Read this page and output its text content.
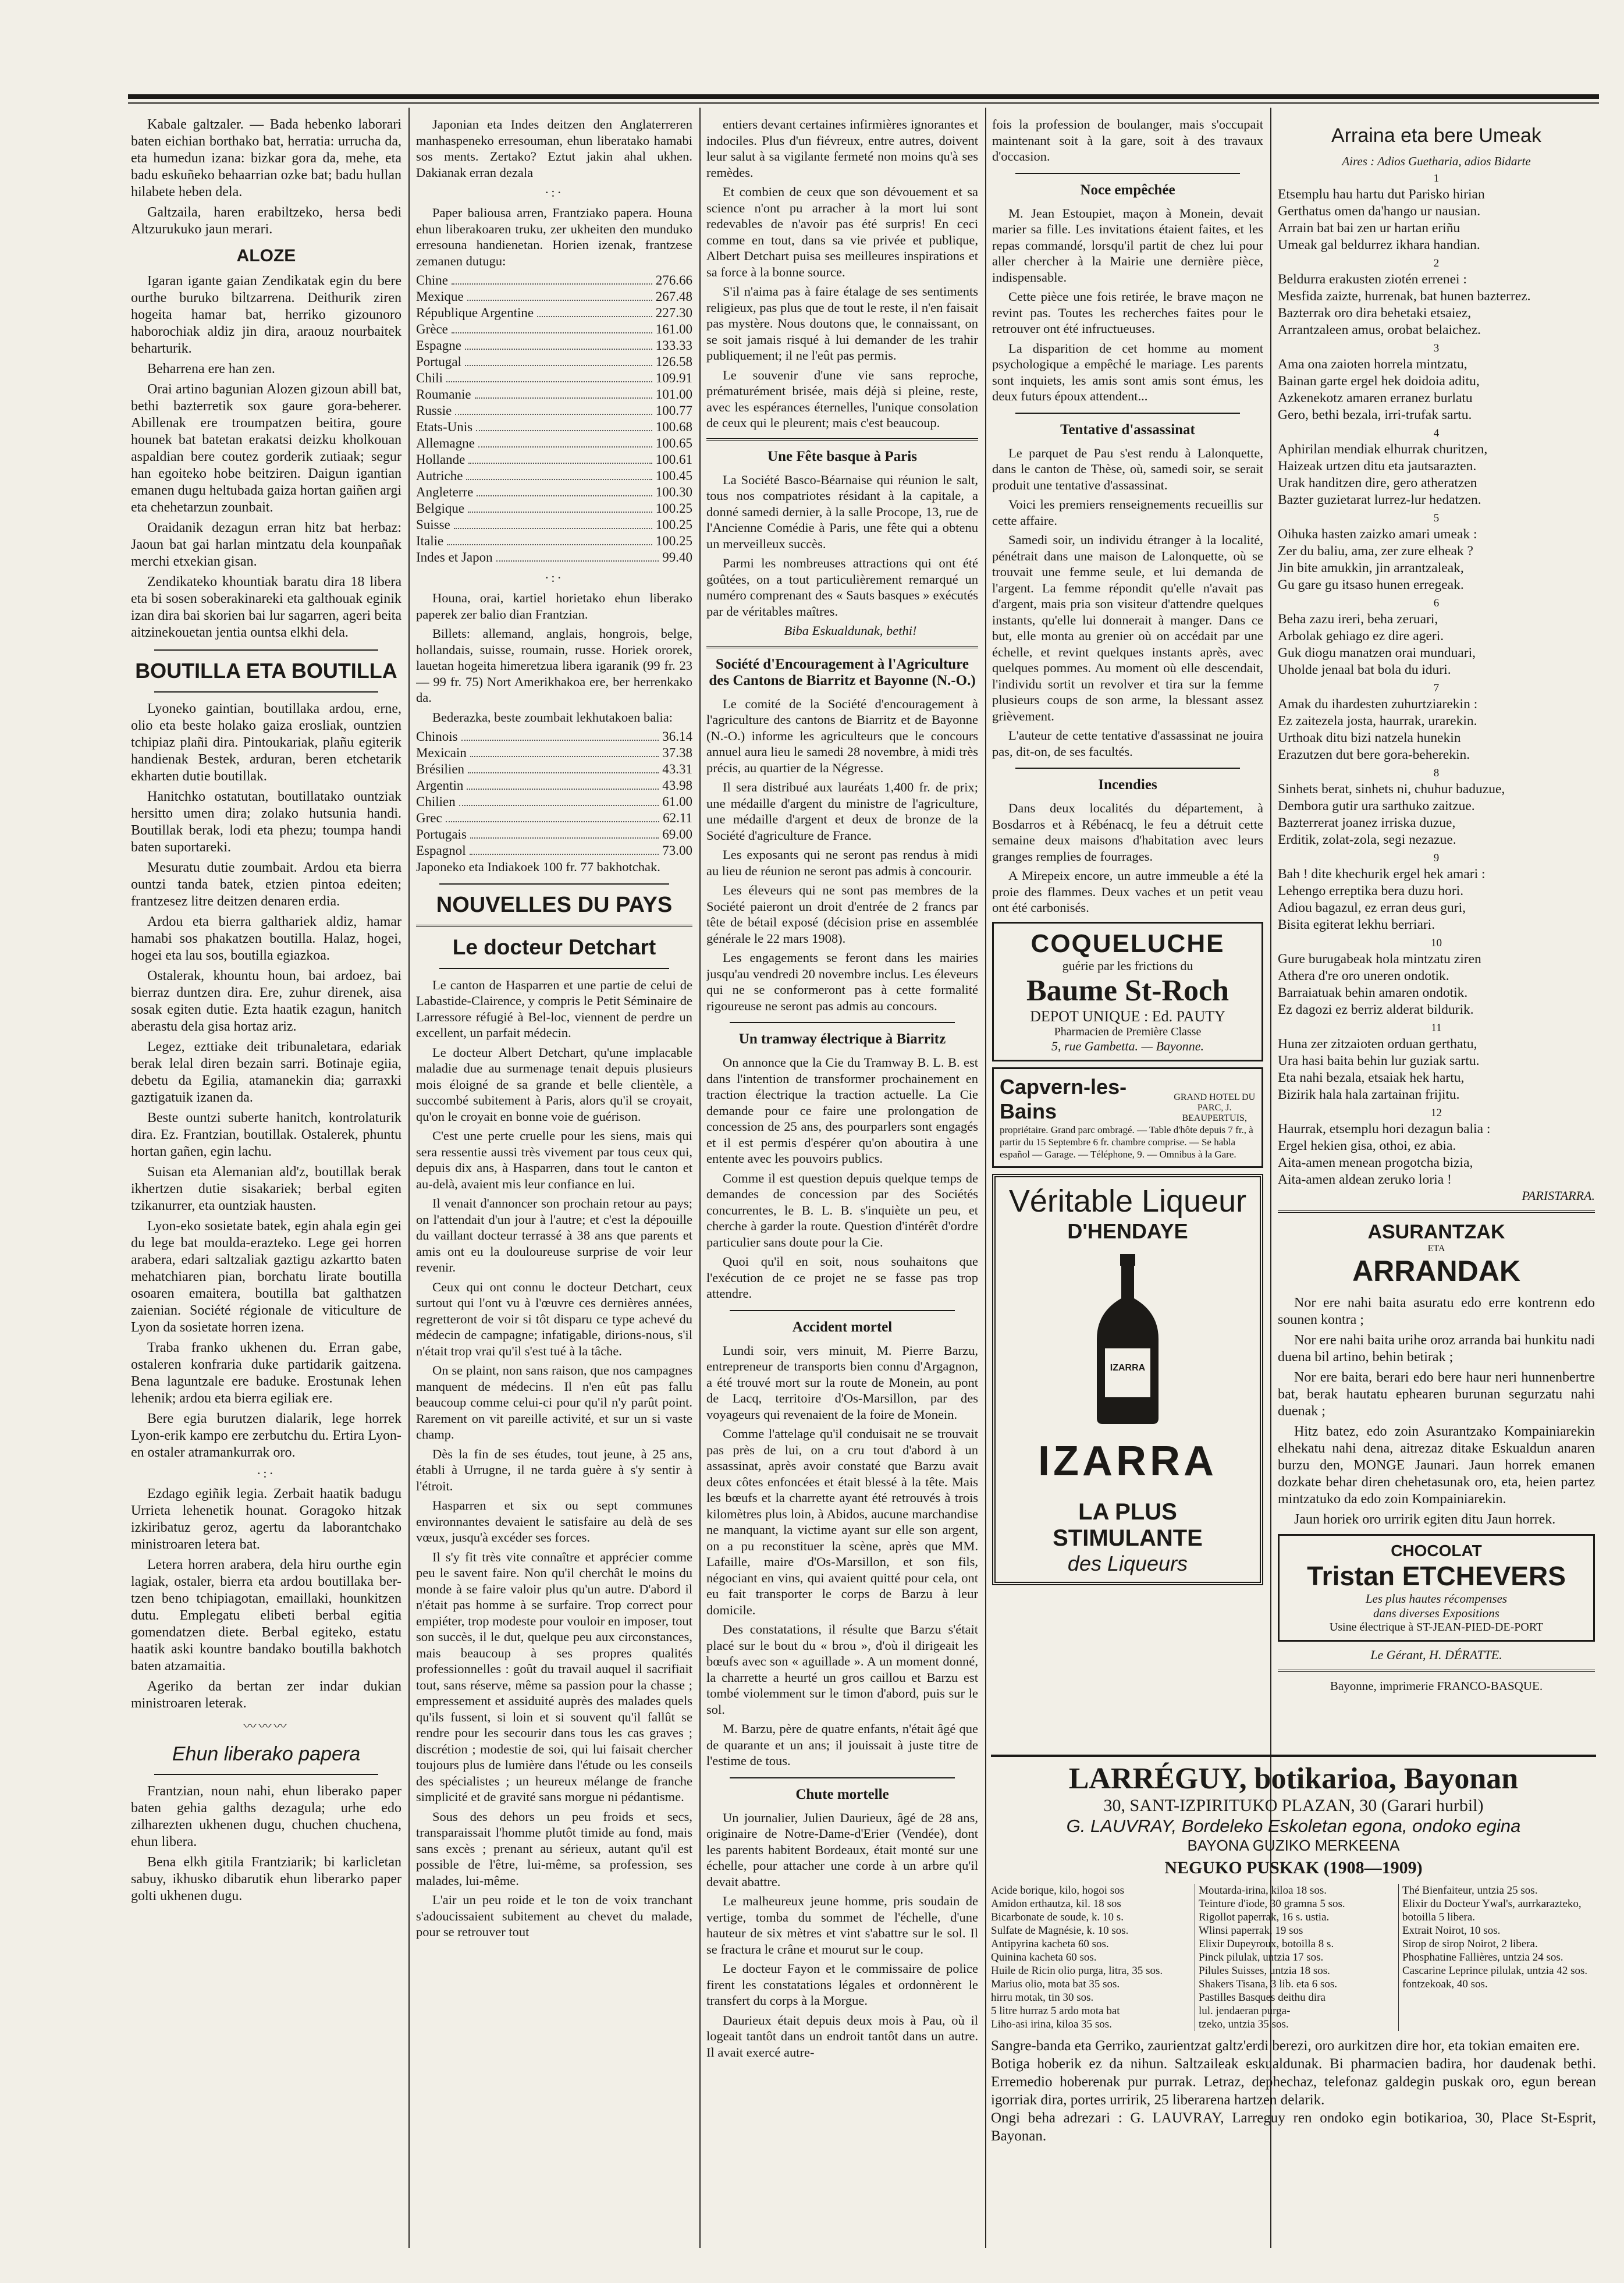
Kabale galtzaler. — Bada hebenko laborari baten eichian borthako bat, herratia: urrucha da, eta humedun izana: bizkar gora da, mehe, eta badu eskuñeko behaarrian ozke bat; badu hullan hilabete heben dela.

Galtzaila, haren erabiltzeko, hersa bedi Altzurukuko jaun merari.

ALOZE

Igaran igante gaian Zendikatak egin du bere ourthe buruko biltzarrena. Deithurik ziren hogeita hamar bat, herriko gizounoro haborochiak aldiz jin dira, araouz nourbaitek beharturik.

Beharrena ere han zen.

Orai artino bagunian Alozen gizoun abill bat, bethi bazterretik sox gaure gora-beherer. Abillenak ere troumpatzen beitira, goure hounek bat batetan erakatsi deizku kholkouan aspaldian bere coutez gorderik zutiaak; segur han egoiteko hobe beitziren. Daigun igantian emanen dugu heltubada gaiza hortan gaiñen argi eta chehetarzun zounbait.

Oraidanik dezagun erran hitz bat herbaz: Jaoun bat gai harlan mintzatu dela kounpañak merchi etxekian gisan.

Zendikateko khountiak baratu dira 18 libera eta bi sosen soberakinareki eta galthouak eginik izan dira bai skorien bai lur sagarren, ageri beita aitzinekouetan jentia ountsa elkhi dela.

BOUTILLA ETA BOUTILLA

Lyoneko gaintian, boutillaka ardou, erne, olio eta beste holako gaiza erosliak, ountzien tchipiaz plañi dira. Pintoukariak, plañu egiterik handienak Bestek, arduran, beren etchetarik ekharten dutie boutillak.

Hanitchko ostatutan, boutillatako ountziak hersitto umen dira; zolako hutsunia handi. Boutillak berak, lodi eta phezu; toumpa handi baten suportareki.

Mesuratu dutie zoumbait. Ardou eta bierra ountzi tanda batek, etzien pintoa edeiten; frantzesez litre deitzen denaren erdia.

Ardou eta bierra galthariek aldiz, hamar hamabi sos phakatzen boutilla. Halaz, hogei, hogei eta lau sos, boutilla egiazkoa.

Ostalerak, khountu houn, bai ardoez, bai bierraz duntzen dira. Ere, zuhur direnek, aisa sosak egiten dutie. Ezta haatik ezagun, hanitch aberastu dela gisa hortaz ariz.

Legez, ezttiake deit tribunaletara, edariak berak lelal diren bezain sarri. Botinaje egiia, debetu da Egilia, atamanekin dia; garraxki gaztigatuik izanen da.

Beste ountzi suberte hanitch, kontrolaturik dira. Ez. Frantzian, boutillak. Ostalerek, phuntu hortan gañen, egin lachu.

Suisan eta Alemanian ald'z, boutillak berak ikhertzen dutie sisakariek; berbal egiten tzikanurrer, eta ountziak hausten.

Lyon-eko sosietate batek, egin ahala egin gei du lege bat moulda-erazteko. Lege gei horren arabera, edari saltzaliak gaztigu azkartto baten mehatchiaren pian, borchatu lirate boutilla osoaren emaitera, boutilla bat galthatzen zaienian. Société régionale de viticulture de Lyon da sosietate horren izena.

Traba franko ukhenen du. Erran gabe, ostaleren konfraria duke partidarik gaitzena. Bena laguntzale ere baduke. Erostunak lehen lehenik; ardou eta bierra egiliak ere.

Bere egia burutzen dialarik, lege horrek Lyon-erik kampo ere zerbutchu du. Ertira Lyon-en ostaler atramankurrak oro.

·:·

Ezdago egiñik legia. Zerbait haatik badugu Urrieta lehenetik hounat. Goragoko hitzak izkiribatuz geroz, agertu da laborantchako ministroaren letera bat.

Letera horren arabera, dela hiru ourthe egin lagiak, ostaler, bierra eta ardou boutillaka ber-tzen beno tchipiagotan, emaillaki, hounkitzen dutu. Emplegatu elibeti berbal egitia gomendatzen diete. Berbal egiteko, estatu haatik aski kountre bandako boutilla bakhotch baten atzamaitia.

Ageriko da bertan zer indar dukian ministroaren leterak.

〰〰〰
Ehun liberako papera

Frantzian, noun nahi, ehun liberako paper baten gehia galths dezagula; urhe edo zilharezten ukhenen dugu, chuchen chuchena, ehun libera.

Bena elkh gitila Frantziarik; bi karlicletan sabuy, ikhusko dibarutik ehun liberarko paper golti ukhenen dugu.

Japonian eta Indes deitzen den Anglaterreren manhaspeneko erresouman, ehun liberatako hamabi sos ments. Zertako? Eztut jakin ahal ukhen. Dakianak erran dezala

·:·

Paper baliousa arren, Frantziako papera. Houna ehun liberakoaren truku, zer ukheiten den munduko erresouna handienetan. Horien izenak, frantzese zemanen dutugu:

Chine	276.66
Mexique	267.48
République Argentine	227.30
Grèce	161.00
Espagne	133.33
Portugal	126.58
Chili	109.91
Roumanie	101.00
Russie	100.77
Etats-Unis	100.68
Allemagne	100.65
Hollande	100.61
Autriche	100.45
Angleterre	100.30
Belgique	100.25
Suisse	100.25
Italie	100.25
Indes et Japon	99.40
·:·

Houna, orai, kartiel horietako ehun liberako paperek zer balio dian Frantzian.

Billets: allemand, anglais, hongrois, belge, hollandais, suisse, roumain, russe. Horiek ororek, lauetan hogeita himeretzua libera igaranik (99 fr. 23 — 99 fr. 75) Nort Amerikhakoa ere, ber herrenkako da.

Bederazka, beste zoumbait lekhutakoen balia:

Chinois	36.14
Mexicain	37.38
Brésilien	43.31
Argentin	43.98
Chilien	61.00
Grec	62.11
Portugais	69.00
Espagnol	73.00

Japoneko eta Indiakoek 100 fr. 77 bakhotchak.

NOUVELLES DU PAYS
Le docteur Detchart

Le canton de Hasparren et une partie de celui de Labastide-Clairence, y compris le Petit Séminaire de Larressore réfugié à Bel-loc, viennent de perdre un excellent, un parfait médecin.

Le docteur Albert Detchart, qu'une implacable maladie due au surmenage tenait depuis plusieurs mois éloigné de sa grande et belle clientèle, a succombé subitement à Paris, alors qu'il se croyait, qu'on le croyait en bonne voie de guérison.

C'est une perte cruelle pour les siens, mais qui sera ressentie aussi très vivement par tous ceux qui, depuis dix ans, à Hasparren, dans tout le canton et au-delà, avaient mis leur confiance en lui.

Il venait d'annoncer son prochain retour au pays; on l'attendait d'un jour à l'autre; et c'est la dépouille du vaillant docteur terrassé à 38 ans que parents et amis ont eu la douloureuse surprise de voir leur revenir.

Ceux qui ont connu le docteur Detchart, ceux surtout qui l'ont vu à l'œuvre ces dernières années, regretteront de voir si tôt disparu ce type achevé du médecin de campagne; infatigable, dirions-nous, s'il n'était trop vrai qu'il s'est tué à la tâche.

On se plaint, non sans raison, que nos campagnes manquent de médecins. Il n'en eût pas fallu beaucoup comme celui-ci pour qu'il n'y parût point. Rarement on vit pareille activité, et sur un si vaste champ.

Dès la fin de ses études, tout jeune, à 25 ans, établi à Urrugne, il ne tarda guère à s'y sentir à l'étroit.

Hasparren et six ou sept communes environnantes devaient le satisfaire au delà de ses vœux, jusqu'à excéder ses forces.

Il s'y fit très vite connaître et apprécier comme peu le savent faire. Non qu'il cherchât le moins du monde à se faire valoir plus qu'un autre. D'abord il n'était pas homme à se surfaire. Trop correct pour empiéter, trop modeste pour vouloir en imposer, tout son succès, il le dut, quelque peu aux circonstances, mais beaucoup à ses propres qualités professionnelles : goût du travail auquel il sacrifiait tout, sans réserve, même sa passion pour la chasse ; empressement et assiduité auprès des malades quels qu'ils fussent, si loin et si souvent qu'il fallût se rendre pour les secourir dans tous les cas graves ; discrétion ; modestie de soi, qui lui faisait chercher toujours plus de lumière dans l'étude ou les conseils des spécialistes ; un heureux mélange de franche simplicité et de gravité sans morgue ni pédantisme.

Sous des dehors un peu froids et secs, transparaissait l'homme plutôt timide au fond, mais sans excès ; prenant au sérieux, autant qu'il est possible de l'être, lui-même, sa profession, ses malades, lui-même.

L'air un peu roide et le ton de voix tranchant s'adoucissaient subitement au chevet du malade, pour se retrouver tout

entiers devant certaines infirmières ignorantes et indociles. Plus d'un fiévreux, entre autres, doivent leur salut à sa vigilante fermeté non moins qu'à ses remèdes.

Et combien de ceux que son dévouement et sa science n'ont pu arracher à la mort lui sont redevables de n'avoir pas été surpris! En ceci comme en tout, dans sa vie privée et publique, Albert Detchart puisa ses meilleures inspirations et sa force à la bonne source.

S'il n'aima pas à faire étalage de ses sentiments religieux, pas plus que de tout le reste, il n'en faisait pas mystère. Nous doutons que, le connaissant, on se soit jamais risqué à lui demander de les trahir publiquement; il ne l'eût pas permis.

Le souvenir d'une vie sans reproche, prématurément brisée, mais déjà si pleine, reste, avec les espérances éternelles, l'unique consolation de ceux qui le pleurent; mais c'est beaucoup.

Une Fête basque à Paris

La Société Basco-Béarnaise qui réunion le salt, tous nos compatriotes résidant à la capitale, a donné samedi dernier, à la salle Procope, 13, rue de l'Ancienne Comédie à Paris, une fête qui a obtenu un merveilleux succès.

Parmi les nombreuses attractions qui ont été goûtées, on a tout particulièrement remarqué un numéro comprenant des « Sauts basques » exécutés par de véritables maîtres.

Biba Eskualdunak, bethi!

Société d'Encouragement à l'Agriculture des Cantons de Biarritz et Bayonne (N.-O.)

Le comité de la Société d'encouragement à l'agriculture des cantons de Biarritz et de Bayonne (N.-O.) informe les agriculteurs que le concours annuel aura lieu le samedi 28 novembre, à midi très précis, au quartier de la Négresse.

Il sera distribué aux lauréats 1,400 fr. de prix; une médaille d'argent du ministre de l'agriculture, une médaille d'argent et deux de bronze de la Société d'agriculture de France.

Les exposants qui ne seront pas rendus à midi au lieu de réunion ne seront pas admis à concourir.

Les éleveurs qui ne sont pas membres de la Société paieront un droit d'entrée de 2 francs par tête de bétail exposé (décision prise en assemblée générale le 22 mars 1908).

Les engagements se feront dans les mairies jusqu'au vendredi 20 novembre inclus. Les éleveurs qui ne se conformeront pas à cette formalité rigoureuse ne seront pas admis au concours.

Un tramway électrique à Biarritz

On annonce que la Cie du Tramway B. L. B. est dans l'intention de transformer prochainement en traction électrique la traction actuelle. La Cie demande pour ce faire une prolongation de concession de 25 ans, des pourparlers sont engagés et il est permis d'espérer qu'on aboutira à une entente avec les pouvoirs publics.

Comme il est question depuis quelque temps de demandes de concession par des Sociétés concurrentes, le B. L. B. s'inquiète un peu, et cherche à garder la route. Question d'intérêt d'ordre particulier sans doute pour la Cie.

Quoi qu'il en soit, nous souhaitons que l'exécution de ce projet ne se fasse pas trop attendre.

Accident mortel

Lundi soir, vers minuit, M. Pierre Barzu, entrepreneur de transports bien connu d'Argagnon, a été trouvé mort sur la route de Monein, au pont de Lacq, territoire d'Os-Marsillon, par des voyageurs qui revenaient de la foire de Monein.

Comme l'attelage qu'il conduisait ne se trouvait pas près de lui, on a cru tout d'abord à un assassinat, après avoir constaté que Barzu avait deux côtes enfoncées et était blessé à la tête. Mais les bœufs et la charrette ayant été retrouvés à trois kilomètres plus loin, à Abidos, aucune marchandise ne manquant, la victime ayant sur elle son argent, on a pu reconstituer la scène, après que MM. Lafaille, maire d'Os-Marsillon, et son fils, négociant en vins, qui avaient quitté pour cela, ont eu fait transporter le corps de Barzu à leur domicile.

Des constatations, il résulte que Barzu s'était placé sur le bout du « brou », d'où il dirigeait les bœufs avec son « aguillade ». A un moment donné, la charrette a heurté un gros caillou et Barzu est tombé violemment sur le timon d'abord, puis sur le sol.

M. Barzu, père de quatre enfants, n'était âgé que de quarante et un ans; il jouissait à juste titre de l'estime de tous.

Chute mortelle

Un journalier, Julien Daurieux, âgé de 28 ans, originaire de Notre-Dame-d'Erier (Vendée), dont les parents habitent Bordeaux, était monté sur une échelle, pour attacher une corde à un arbre qu'il devait abattre.

Le malheureux jeune homme, pris soudain de vertige, tomba du sommet de l'échelle, d'une hauteur de six mètres et vint s'abattre sur le sol. Il se fractura le crâne et mourut sur le coup.

Le docteur Fayon et le commissaire de police firent les constatations légales et ordonnèrent le transfert du corps à la Morgue.

Daurieux était depuis deux mois à Pau, où il logeait tantôt dans un endroit tantôt dans un autre. Il avait exercé autre-

fois la profession de boulanger, mais s'occupait maintenant soit à la gare, soit à des travaux d'occasion.

Noce empêchée

M. Jean Estoupiet, maçon à Monein, devait marier sa fille. Les invitations étaient faites, et les repas commandé, lorsqu'il partit de chez lui pour aller chercher à la Mairie une dernière pièce, indispensable.

Cette pièce une fois retirée, le brave maçon ne revint pas. Toutes les recherches faites pour le retrouver ont été infructueuses.

La disparition de cet homme au moment psychologique a empêché le mariage. Les parents sont inquiets, les amis sont amis sont émus, les deux futurs époux attendent...

Tentative d'assassinat

Le parquet de Pau s'est rendu à Lalonquette, dans le canton de Thèse, où, samedi soir, se serait produit une tentative d'assassinat.

Voici les premiers renseignements recueillis sur cette affaire.

Samedi soir, un individu étranger à la localité, pénétrait dans une maison de Lalonquette, où se trouvait une femme seule, et lui demanda de l'argent. La femme répondit qu'elle n'avait pas d'argent, mais pria son visiteur d'attendre quelques instants, qu'elle lui donnerait à manger. Dans ce but, elle monta au grenier où on accédait par une échelle, et revint quelques instants après, avec quelques pommes. Au moment où elle descendait, l'individu sortit un revolver et tira sur la femme plusieurs coups de son arme, la blessant assez grièvement.

L'auteur de cette tentative d'assassinat ne jouira pas, dit-on, de ses facultés.

Incendies

Dans deux localités du département, à Bosdarros et à Rébénacq, le feu a détruit cette semaine deux maisons d'habitation avec leurs granges remplies de fourrages.

A Mirepeix encore, un autre immeuble a été la proie des flammes. Deux vaches et un petit veau ont été carbonisés.

COQUELUCHE
guérie par les frictions du
Baume St-Roch
DEPOT UNIQUE : Ed. PAUTY
Pharmacien de Première Classe
5, rue Gambetta. — Bayonne.
Capvern-les-Bains
GRAND HOTEL DU PARC, J. BEAUPERTUIS,
propriétaire. Grand parc ombragé. — Table d'hôte depuis 7 fr., à partir du 15 Septembre 6 fr. chambre comprise. — Se habla español — Garage. — Téléphone, 9. — Omnibus à la Gare.
Véritable Liqueur
D'HENDAYE
IZARRA
IZARRA
LA PLUS STIMULANTE
des Liqueurs
Arraina eta bere Umeak
Aires : Adios Guetharia, adios Bidarte
1

Etsemplu hau hartu dut Parisko hirian
Gerthatus omen da'hango ur nausian.
Arrain bat bai zen ur hartan eriñu
Umeak gal beldurrez ikhara handian.

2

Beldurra erakusten ziotén errenei :
Mesfida zaizte, hurrenak, bat hunen bazterrez.
Bazterrak oro dira behetaki etsaiez,
Arrantzaleen amus, orobat belaichez.

3

Ama ona zaioten horrela mintzatu,
Bainan garte ergel hek doidoia aditu,
Azkenekotz amaren erranez burlatu
Gero, bethi bezala, irri-trufak sartu.

4

Aphirilan mendiak elhurrak churitzen,
Haizeak urtzen ditu eta jautsarazten.
Urak handitzen dire, gero atheratzen
Bazter guzietarat lurrez-lur hedatzen.

5

Oihuka hasten zaizko amari umeak :
Zer du baliu, ama, zer zure elheak ?
Jin bite amukkin, jin arrantzaleak,
Gu gare gu itsaso hunen erregeak.

6

Beha zazu ireri, beha zeruari,
Arbolak gehiago ez dire ageri.
Guk diogu manatzen orai munduari,
Uholde jenaal bat bola du iduri.

7

Amak du ihardesten zuhurtziarekin :
Ez zaitezela josta, haurrak, urarekin.
Urthoak ditu bizi natzela hunekin
Erazutzen dut bere gora-beherekin.

8

Sinhets berat, sinhets ni, chuhur baduzue,
Dembora gutir ura sarthuko zaitzue.
Bazterrerat joanez irriska duzue,
Erditik, zolat-zola, segi nezazue.

9

Bah ! dite khechurik ergel hek amari :
Lehengo erreptika bera duzu hori.
Adiou bagazul, ez erran deus guri,
Bisita egiterat lekhu berriari.

10

Gure burugabeak hola mintzatu ziren
Athera d're oro uneren ondotik.
Barraiatuak behin amaren ondotik.
Ez dagozi ez berriz alderat bildurik.

11

Huna zer zitzaioten orduan gerthatu,
Ura hasi baita behin lur guziak sartu.
Eta nahi bezala, etsaiak hek hartu,
Bizirik hala hala zartainan frijitu.

12

Haurrak, etsemplu hori dezagun balia :
Ergel hekien gisa, othoi, ez abia.
Aita-amen menean progotcha bizia,
Aita-amen aldean zeruko loria !

PARISTARRA.
ASURANTZAK
ETA
ARRANDAK

Nor ere nahi baita asuratu edo erre kontrenn edo sounen kontra ;

Nor ere nahi baita urihe oroz arranda bai hunkitu nadi duena bil artino, behin betirak ;

Nor ere baita, berari edo bere haur neri hunnenbertre bat, berak hautatu ephearen burunan segurzatu nahi duenak ;

Hitz batez, edo zoin Asurantzako Kompainiarekin elhekatu nahi dena, aitrezaz ditake Eskualdun anaren burzu den, MONGE Jaunari. Jaun horrek emanen dozkate behar diren chehetasunak oro, eta, heien partez mintzatuko da edo zoin Kompainiarekin.

Jaun horiek oro urririk egiten ditu Jaun horrek.

CHOCOLAT
Tristan ETCHEVERS
Les plus hautes récompenses
dans diverses Expositions
Usine électrique à ST-JEAN-PIED-DE-PORT
Le Gérant, H. DÉRATTE.
Bayonne, imprimerie FRANCO-BASQUE.
LARRÉGUY, botikarioa, Bayonan
30, SANT-IZPIRITUKO PLAZAN, 30 (Garari hurbil)
G. LAUVRAY, Bordeleko Eskoletan egona, ondoko egina
BAYONA GUZIKO MERKEENA
NEGUKO PUSKAK (1908—1909)
Acide borique, kilo, hogoi sos
Amidon erthautza, kil. 18 sos
Bicarbonate de soude, k. 10 s.
Sulfate de Magnésie, k. 10 sos.
Antipyrina kacheta 60 sos.
Quinina kacheta 60 sos.
Huile de Ricin olio purga, litra, 35 sos.
Marius olio, mota bat 35 sos.
hirru motak, tin 30 sos.
5 litre hurraz 5 ardo mota bat
Liho-asi irina, kiloa 35 sos.
Moutarda-irina, kiloa 18 sos.
Teinture d'iode, 30 gramna 5 sos.
Rigollot paperrak, 16 s. ustia.
Wlinsi paperrak, 19 sos
Elixir Dupeyroux, botoilla 8 s.
Pinck pilulak, untzia 17 sos.
Pilules Suisses, untzia 18 sos.
Shakers Tisana, 3 lib. eta 6 sos.
Pastilles Basques deithu dira
lul. jendaeran purga-
tzeko, untzia 35 sos.
Thé Bienfaiteur, untzia 25 sos.
Elixir du Docteur Ywal's, aurrkarazteko, botoilla 5 libera.
Extrait Noirot, 10 sos.
Sirop de sirop Noirot, 2 libera.
Phosphatine Fallières, untzia 24 sos.
Cascarine Leprince pilulak, untzia 42 sos.
fontzekoak, 40 sos.

Sangre-banda eta Gerriko, zaurientzat galtz'erdi berezi, oro aurkitzen dire hor, eta tokian emaiten ere.

Botiga hoberik ez da nihun. Saltzaileak eskualdunak. Bi pharmacien badira, hor daudenak bethi. Erremedio hoberenak pur purrak. Letraz, dephechaz, telefonaz galdegin puskak oro, egun berean igorriak dira, portes urririk, 25 liberarena hartzen delarik.

Ongi beha adrezari : G. LAUVRAY, Larreguy ren ondoko egin botikarioa, 30, Place St-Esprit, Bayonan.
